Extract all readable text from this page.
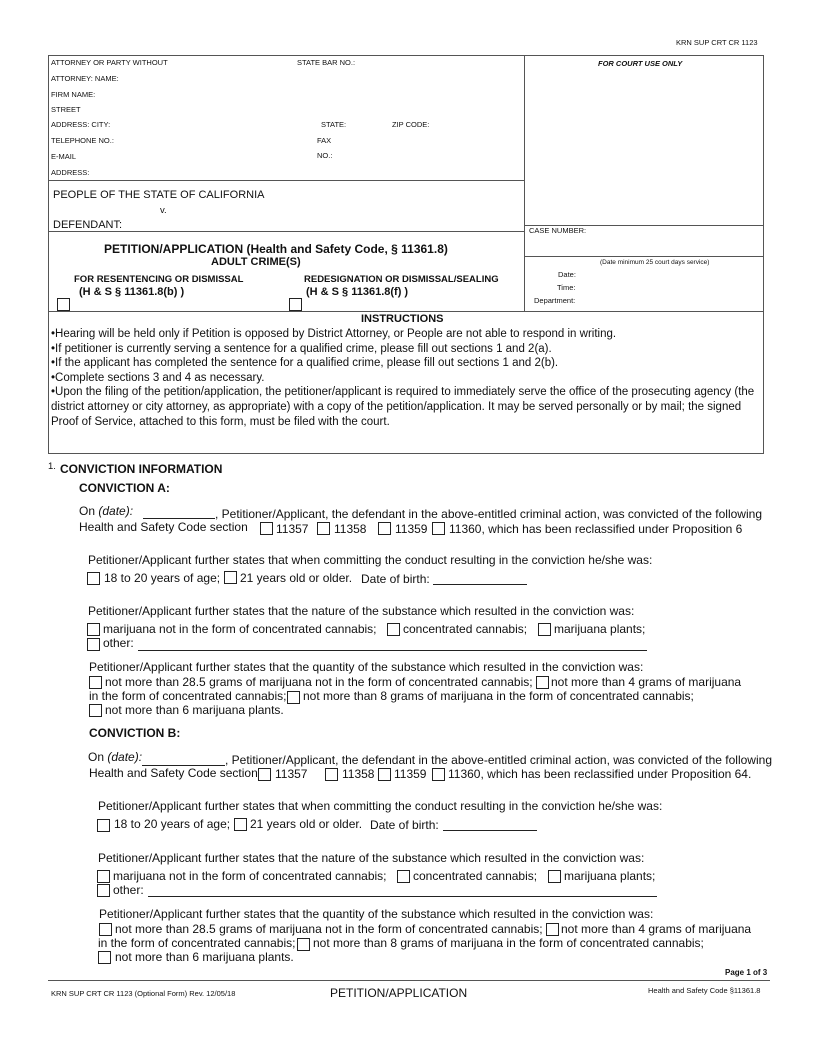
KRN SUP CRT CR 1123
ATTORNEY OR PARTY WITHOUT	STATE BAR NO.:
ATTORNEY: NAME:
FIRM NAME:
STREET
ADDRESS: CITY:	STATE:	ZIP CODE:
TELEPHONE NO.:	FAX
E-MAIL	NO.:
ADDRESS:
FOR COURT USE ONLY
PEOPLE OF THE STATE OF CALIFORNIA
v.
DEFENDANT:	CASE NUMBER:
PETITION/APPLICATION (Health and Safety Code, § 11361.8)
ADULT CRIME(S)
FOR RESENTENCING OR DISMISSAL
(H & S § 11361.8(b) )
REDESIGNATION OR DISMISSAL/SEALING
(H & S § 11361.8(f) )
(Date minimum 25 court days service)
Date:
Time:
Department:
INSTRUCTIONS

•Hearing will be held only if Petition is opposed by District Attorney, or People are not able to respond in writing.

•If petitioner is currently serving a sentence for a qualified crime, please fill out sections 1 and 2(a).

•If the applicant has completed the sentence for a qualified crime, please fill out sections 1 and 2(b).

•Complete sections 3 and 4 as necessary.

•Upon the filing of the petition/application, the petitioner/applicant is required to immediately serve the office of the prosecuting agency (the district attorney or city attorney, as appropriate) with a copy of the petition/application. It may be served personally or by mail; the signed Proof of Service, attached to this form, must be filed with the court.

1. CONVICTION INFORMATION
CONVICTION A:
On (date):	, Petitioner/Applicant, the defendant in the above-entitled criminal action, was convicted of the following
Health and Safety Code section 11357 11358 11359 11360, which has been reclassified under Proposition 6
Petitioner/Applicant further states that when committing the conduct resulting in the conviction he/she was:
18 to 20 years of age; 21 years old or older. Date of birth:
Petitioner/Applicant further states that the nature of the substance which resulted in the conviction was:
marijuana not in the form of concentrated cannabis; concentrated cannabis; marijuana plants;
other:
Petitioner/Applicant further states that the quantity of the substance which resulted in the conviction was:
not more than 28.5 grams of marijuana not in the form of concentrated cannabis; not more than 4 grams of marijuana
in the form of concentrated cannabis; not more than 8 grams of marijuana in the form of concentrated cannabis;
not more than 6 marijuana plants.
CONVICTION B:
On (date):	, Petitioner/Applicant, the defendant in the above-entitled criminal action, was convicted of the following
Health and Safety Code section 11357	11358 11359 11360, which has been reclassified under Proposition 64.
Petitioner/Applicant further states that when committing the conduct resulting in the conviction he/she was:
18 to 20 years of age; 21 years old or older. Date of birth:
Petitioner/Applicant further states that the nature of the substance which resulted in the conviction was:
marijuana not in the form of concentrated cannabis; concentrated cannabis; marijuana plants;
other:
Petitioner/Applicant further states that the quantity of the substance which resulted in the conviction was:
not more than 28.5 grams of marijuana not in the form of concentrated cannabis; not more than 4 grams of marijuana
in the form of concentrated cannabis; not more than 8 grams of marijuana in the form of concentrated cannabis;
not more than 6 marijuana plants.
Page 1 of 3
KRN SUP CRT CR 1123 (Optional Form) Rev. 12/05/18	PETITION/APPLICATION	Health and Safety Code §11361.8
